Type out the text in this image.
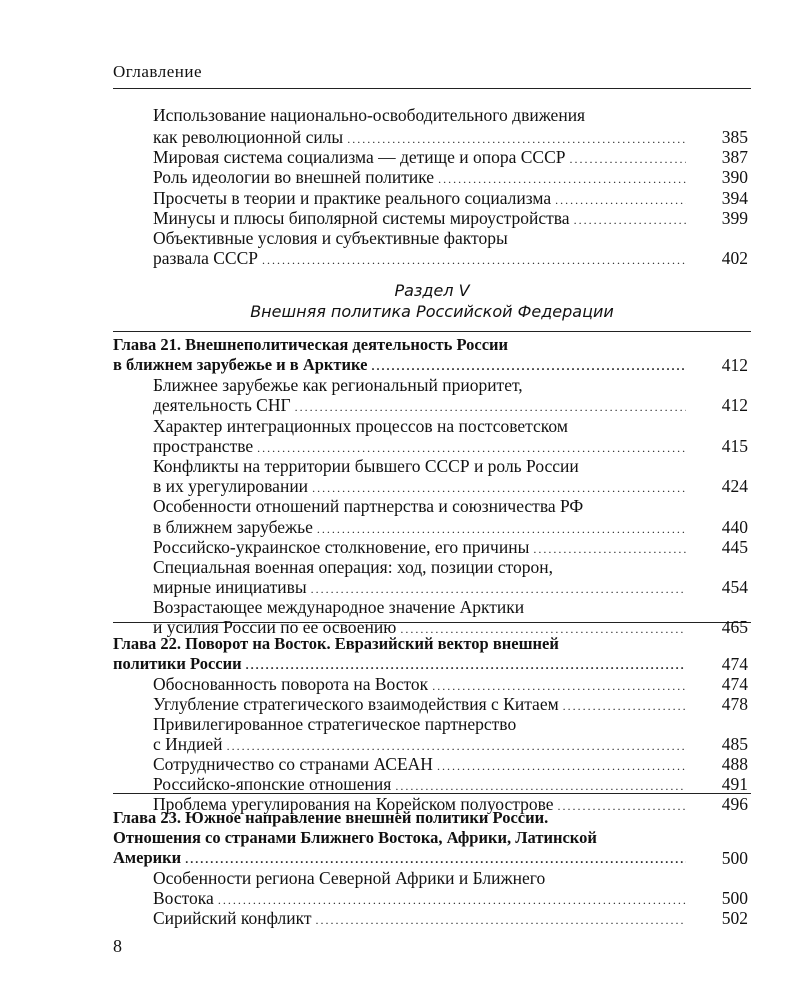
Оглавление
Раздел V
Внешняя политика Российской Федерации
Использование национально-освободительного движения
как революционной силы .....	385
Мировая система социализма — детище и опора СССР .....	387
Роль идеологии во внешней политике .....	390
Просчеты в теории и практике реального социализма .....	394
Минусы и плюсы биполярной системы мироустройства .....	399
Объективные условия и субъективные факторы
развала СССР .....	402
Глава 21. Внешнеполитическая деятельность России
в ближнем зарубежье и в Арктике .....	412
Ближнее зарубежье как региональный приоритет,
деятельность СНГ .....	412
Характер интеграционных процессов на постсоветском
пространстве .....	415
Конфликты на территории бывшего СССР и роль России
в их урегулировании .....	424
Особенности отношений партнерства и союзничества РФ
в ближнем зарубежье .....	440
Российско-украинское столкновение, его причины .....	445
Специальная военная операция: ход, позиции сторон,
мирные инициативы .....	454
Возрастающее международное значение Арктики
и усилия России по ее освоению .....	465
Глава 22. Поворот на Восток. Евразийский вектор внешней
политики России .....	474
Обоснованность поворота на Восток .....	474
Углубление стратегического взаимодействия с Китаем .....	478
Привилегированное стратегическое партнерство
с Индией .....	485
Сотрудничество со странами АСЕАН .....	488
Российско-японские отношения .....	491
Проблема урегулирования на Корейском полуострове .....	496
Глава 23. Южное направление внешней политики России.
Отношения со странами Ближнего Востока, Африки, Латинской
Америки .....	500
Особенности региона Северной Африки и Ближнего
Востока .....	500
Сирийский конфликт .....	502
8
